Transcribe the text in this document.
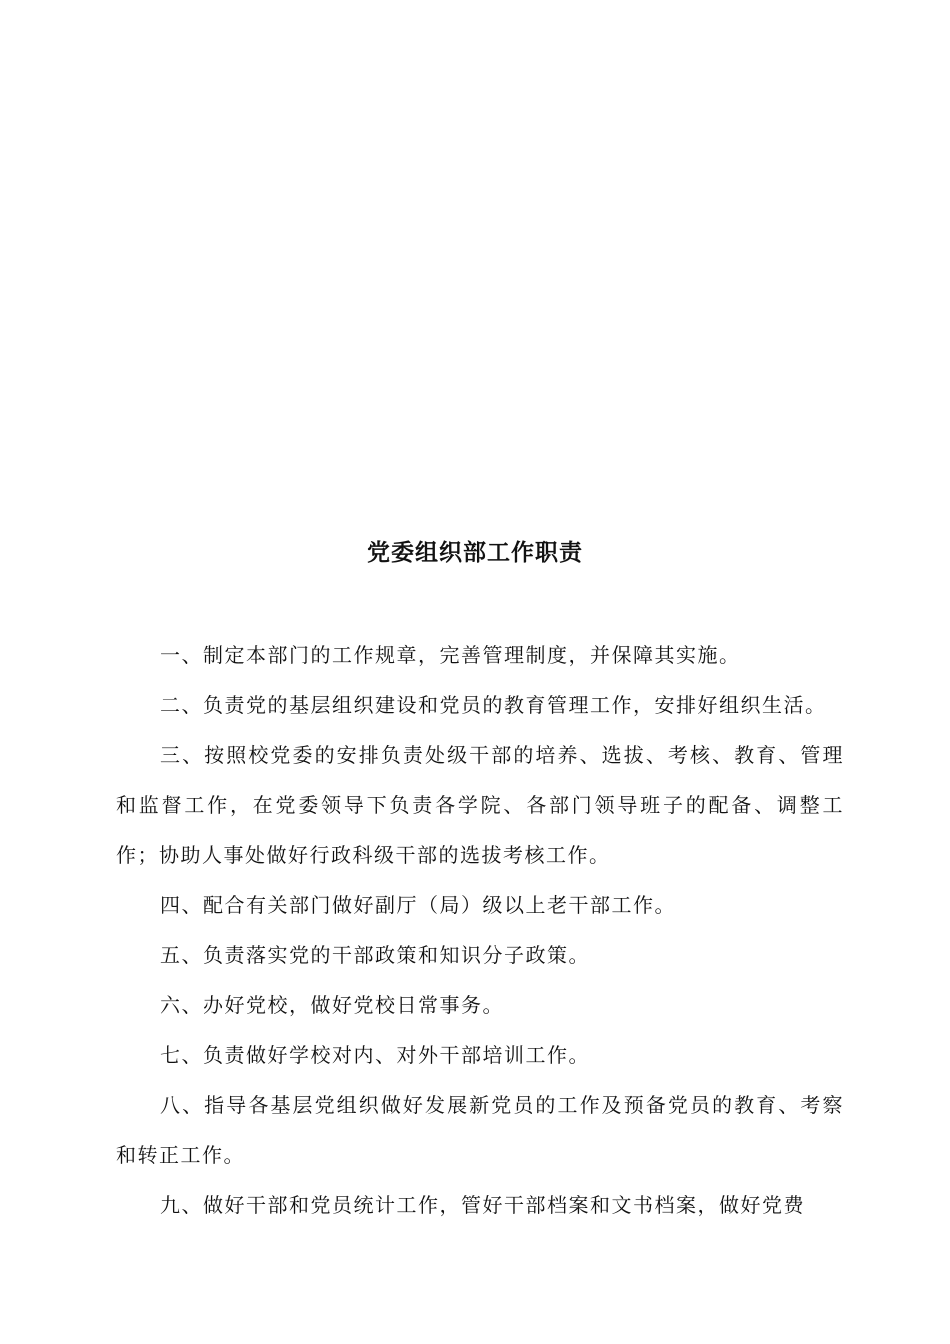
党委组织部工作职责

一、制定本部门的工作规章，完善管理制度，并保障其实施。

二、负责党的基层组织建设和党员的教育管理工作，安排好组织生活。

三、按照校党委的安排负责处级干部的培养、选拔、考核、教育、管理和监督工作，在党委领导下负责各学院、各部门领导班子的配备、调整工作；协助人事处做好行政科级干部的选拔考核工作。

四、配合有关部门做好副厅（局）级以上老干部工作。

五、负责落实党的干部政策和知识分子政策。

六、办好党校，做好党校日常事务。

七、负责做好学校对内、对外干部培训工作。

八、指导各基层党组织做好发展新党员的工作及预备党员的教育、考察和转正工作。

九、做好干部和党员统计工作，管好干部档案和文书档案，做好党费
